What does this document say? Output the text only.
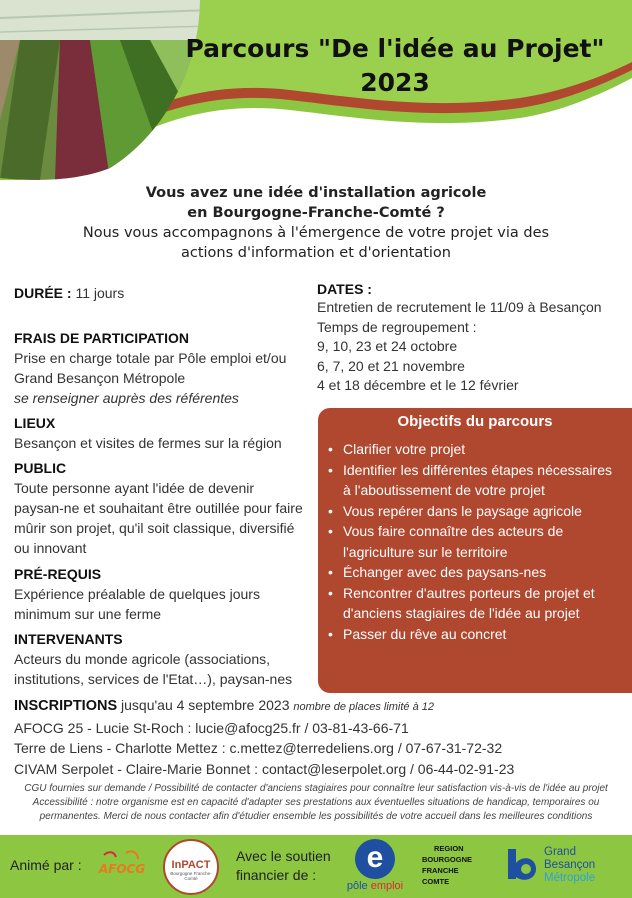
Parcours "De l'idée au Projet"
2023
Vous avez une idée d'installation agricole
en Bourgogne-Franche-Comté ?
Nous vous accompagnons à l'émergence de votre projet via des
actions d'information et d'orientation
DURÉE : 11 jours
FRAIS DE PARTICIPATION
Prise en charge totale par Pôle emploi et/ou
Grand Besançon Métropole
se renseigner auprès des référentes
LIEUX
Besançon et visites de fermes sur la région
PUBLIC
Toute personne ayant l'idée de devenir
paysan-ne et souhaitant être outillée pour faire
mûrir son projet, qu'il soit classique, diversifié
ou innovant
PRÉ-REQUIS
Expérience préalable de quelques jours
minimum sur une ferme
INTERVENANTS
Acteurs du monde agricole (associations,
institutions, services de l'Etat…), paysan-nes
DATES :
Entretien de recrutement le 11/09 à Besançon
Temps de regroupement :
9, 10, 23 et 24 octobre
6, 7, 20 et 21 novembre
4 et 18 décembre et le 12 février
Objectifs du parcours
• Clarifier votre projet
• Identifier les différentes étapes nécessaires à l'aboutissement de votre projet
• Vous repérer dans le paysage agricole
• Vous faire connaître des acteurs de l'agriculture sur le territoire
• Échanger avec des paysans-nes
• Rencontrer d'autres porteurs de projet et d'anciens stagiaires de l'idée au projet
• Passer du rêve au concret
INSCRIPTIONS jusqu'au 4 septembre 2023 nombre de places limité à 12
AFOCG 25 - Lucie St-Roch : lucie@afocg25.fr / 03-81-43-66-71
Terre de Liens - Charlotte Mettez : c.mettez@terredeliens.org / 07-67-31-72-32
CIVAM Serpolet - Claire-Marie Bonnet : contact@leserpolet.org / 06-44-02-91-23
CGU fournies sur demande / Possibilité de contacter d'anciens stagiaires pour connaître leur satisfaction vis-à-vis de l'idée au projet Accessibilité : notre organisme est en capacité d'adapter ses prestations aux éventuelles situations de handicap, temporaires ou permanentes. Merci de nous contacter afin d'étudier ensemble les possibilités de votre accueil dans les meilleures conditions
Animé par : AFOCG	InPACT
Bourgogne Franche-Comté
Avec le soutien financier de :
e
pôle emploi
REGION
BOURGOGNE
FRANCHE
COMTE
Grand
Besançon
Métropole
